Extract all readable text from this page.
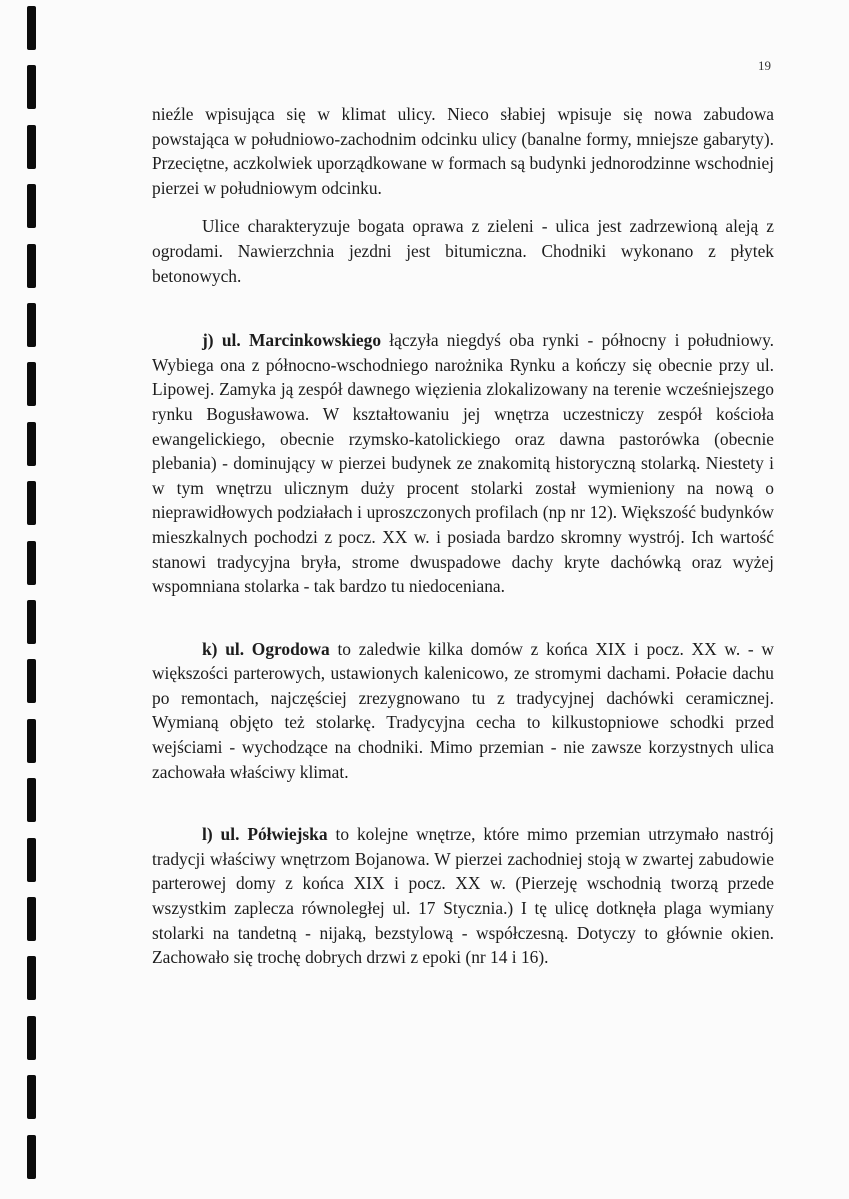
19

nieźle wpisująca się w klimat ulicy. Nieco słabiej wpisuje się nowa zabudowa powstająca w południowo-zachodnim odcinku ulicy (banalne formy, mniejsze gabaryty). Przeciętne, aczkolwiek uporządkowane w formach są budynki jednorodzinne wschodniej pierzei w południowym odcinku.

Ulice charakteryzuje bogata oprawa z zieleni - ulica jest zadrzewioną aleją z ogrodami. Nawierzchnia jezdni jest bitumiczna. Chodniki wykonano z płytek betonowych.

j) ul. Marcinkowskiego łączyła niegdyś oba rynki - północny i południowy. Wybiega ona z północno-wschodniego narożnika Rynku a kończy się obecnie przy ul. Lipowej. Zamyka ją zespół dawnego więzienia zlokalizowany na terenie wcześniejszego rynku Bogusławowa. W kształtowaniu jej wnętrza uczestniczy zespół kościoła ewangelickiego, obecnie rzymsko-katolickiego oraz dawna pastorówka (obecnie plebania) - dominujący w pierzei budynek ze znakomitą historyczną stolarką. Niestety i w tym wnętrzu ulicznym duży procent stolarki został wymieniony na nową o nieprawidłowych podziałach i uproszczonych profilach (np nr 12). Większość budynków mieszkalnych pochodzi z pocz. XX w. i posiada bardzo skromny wystrój. Ich wartość stanowi tradycyjna bryła, strome dwuspadowe dachy kryte dachówką oraz wyżej wspomniana stolarka - tak bardzo tu niedoceniana.

k) ul. Ogrodowa to zaledwie kilka domów z końca XIX i pocz. XX w. - w większości parterowych, ustawionych kalenicowo, ze stromymi dachami. Połacie dachu po remontach, najczęściej zrezygnowano tu z tradycyjnej dachówki ceramicznej. Wymianą objęto też stolarkę. Tradycyjna cecha to kilkustopniowe schodki przed wejściami - wychodzące na chodniki. Mimo przemian - nie zawsze korzystnych ulica zachowała właściwy klimat.

l) ul. Półwiejska to kolejne wnętrze, które mimo przemian utrzymało nastrój tradycji właściwy wnętrzom Bojanowa. W pierzei zachodniej stoją w zwartej zabudowie parterowej domy z końca XIX i pocz. XX w. (Pierzeję wschodnią tworzą przede wszystkim zaplecza równoległej ul. 17 Stycznia.) I tę ulicę dotknęła plaga wymiany stolarki na tandetną - nijaką, bezstylową - współczesną. Dotyczy to głównie okien. Zachowało się trochę dobrych drzwi z epoki (nr 14 i 16).
